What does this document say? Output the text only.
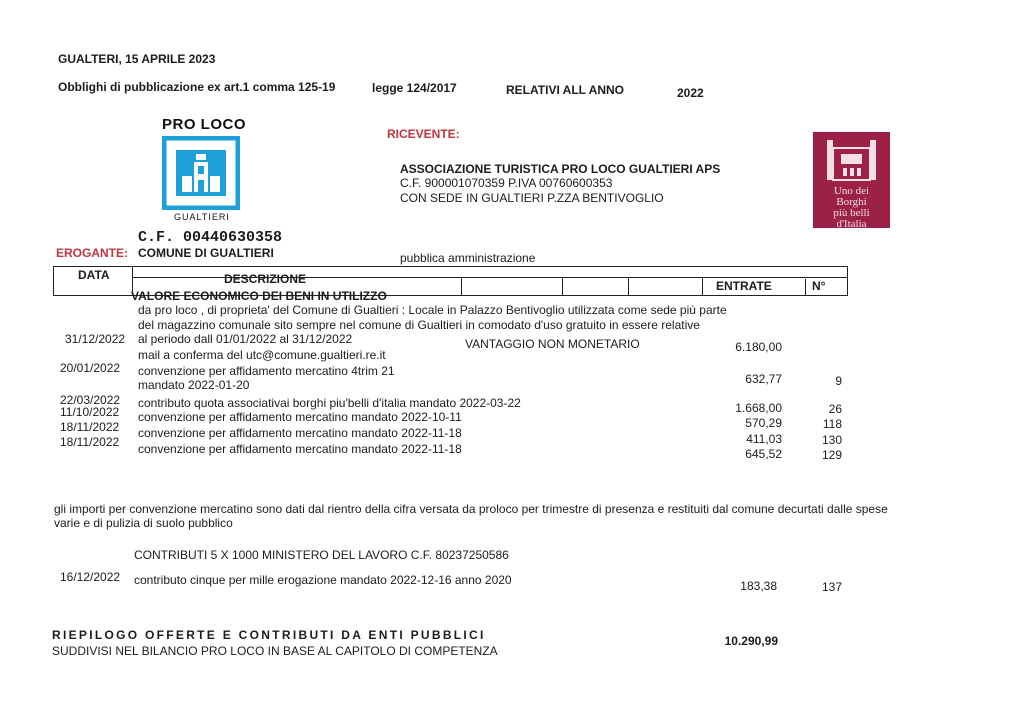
GUALTERI, 15 APRILE 2023
Obblighi di pubblicazione ex art.1 comma 125-19	legge 124/2017	RELATIVI ALL ANNO	2022
PRO LOCO
GUALTIERI
C.F. 00440630358
RICEVENTE:
ASSOCIAZIONE TURISTICA PRO LOCO GUALTIERI APS
C.F. 900001070359 P.IVA 00760600353
CON SEDE IN GUALTIERI P.ZZA BENTIVOGLIO	Uno dei
Borghi
più belli
d'Italia
EROGANTE: COMUNE DI GUALTIERI	pubblica amministrazione
DATA	DESCRIZIONE	ENTRATE	N°
VALORE ECONOMICO DEI BENI IN UTILIZZO
da pro loco , di proprieta' del Comune di Gualtieri : Locale in Palazzo Bentivoglio utilizzata come sede più parte
del magazzino comunale sito sempre nel comune di Gualtieri in comodato d'uso gratuito in essere relative
31/12/2022 al periodo dall 01/01/2022 al 31/12/2022	VANTAGGIO NON MONETARIO	6.180,00
mail a conferma del utc@comune.gualtieri.re.it
20/01/2022 convenzione per affidamento mercatino 4trim 21
mandato 2022-01-20	632,77	9
22/03/2022 contributo quota associativai borghi piu'belli d'italia mandato 2022-03-22	1.668,00	26
11/10/2022 convenzione per affidamento mercatino mandato 2022-10-11	570,29	118
18/11/2022 convenzione per affidamento mercatino mandato 2022-11-18	411,03	130
18/11/2022 convenzione per affidamento mercatino mandato 2022-11-18	645,52	129
gli importi per convenzione mercatino sono dati dal rientro della cifra versata da proloco per trimestre di presenza e restituiti dal comune decurtati dalle spese
varie e di pulizia di suolo pubblico
CONTRIBUTI 5 X 1000 MINISTERO DEL LAVORO C.F. 80237250586
16/12/2022 contributo cinque per mille erogazione mandato 2022-12-16 anno 2020	183,38	137
RIEPILOGO OFFERTE E CONTRIBUTI DA ENTI PUBBLICI
SUDDIVISI NEL BILANCIO PRO LOCO IN BASE AL CAPITOLO DI COMPETENZA
10.290,99
